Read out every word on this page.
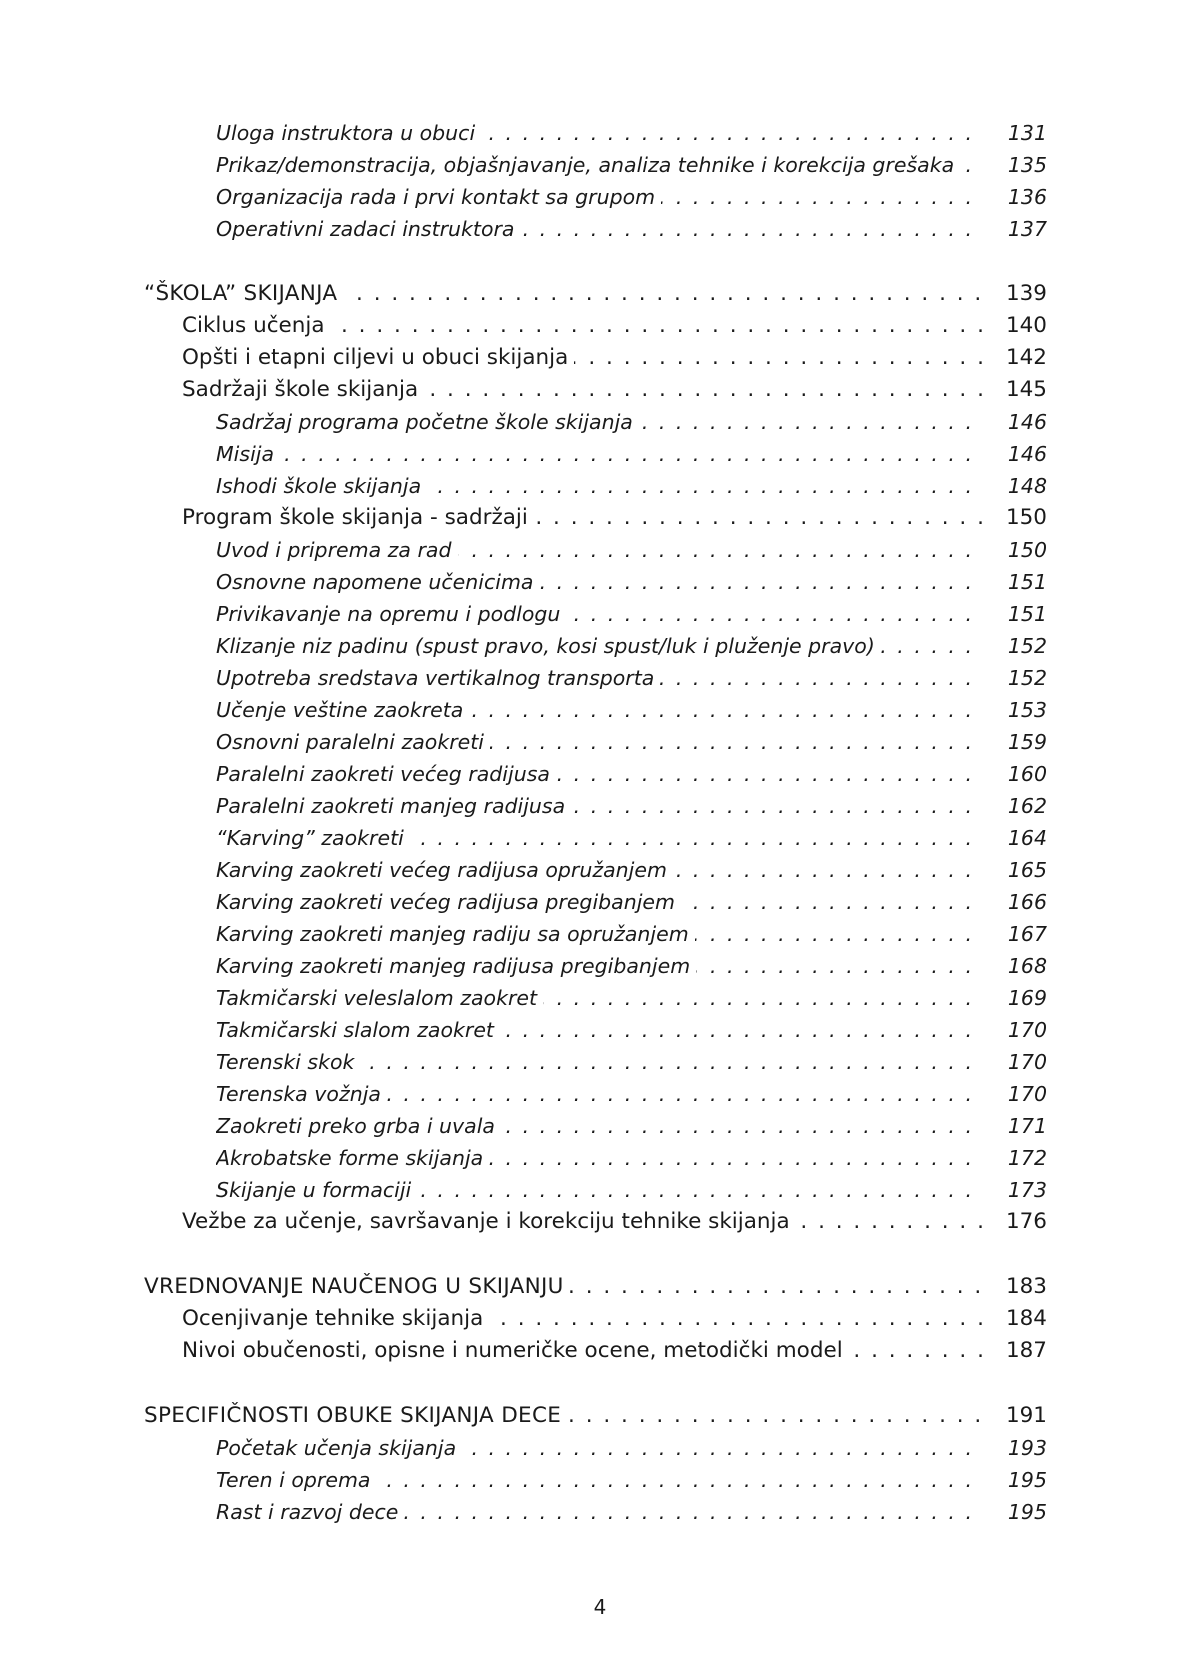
Uloga instruktora u obuci . . .	131
Prikaz/demonstracija, objašnjavanje, analiza tehnike i korekcija grešaka . . .	135
Organizacija rada i prvi kontakt sa grupom . . .	136
Operativni zadaci instruktora . . .	137
“ŠKOLA” SKIJANJA . . .	139
Ciklus učenja . . .	140
Opšti i etapni ciljevi u obuci skijanja . . .	142
Sadržaji škole skijanja . . .	145
Sadržaj programa početne škole skijanja . . .	146
Misija . . .	146
Ishodi škole skijanja . . .	148
Program škole skijanja - sadržaji . . .	150
Uvod i priprema za rad . . .	150
Osnovne napomene učenicima . . .	151
Privikavanje na opremu i podlogu . . .	151
Klizanje niz padinu (spust pravo, kosi spust/luk i pluženje pravo) . . .	152
Upotreba sredstava vertikalnog transporta . . .	152
Učenje veštine zaokreta . . .	153
Osnovni paralelni zaokreti . . .	159
Paralelni zaokreti većeg radijusa . . .	160
Paralelni zaokreti manjeg radijusa . . .	162
“Karving” zaokreti . . .	164
Karving zaokreti većeg radijusa opružanjem . . .	165
Karving zaokreti većeg radijusa pregibanjem . . .	166
Karving zaokreti manjeg radiju sa opružanjem . . .	167
Karving zaokreti manjeg radijusa pregibanjem . . .	168
Takmičarski veleslalom zaokret . . .	169
Takmičarski slalom zaokret . . .	170
Terenski skok . . .	170
Terenska vožnja . . .	170
Zaokreti preko grba i uvala . . .	171
Akrobatske forme skijanja . . .	172
Skijanje u formaciji . . .	173
Vežbe za učenje, savršavanje i korekciju tehnike skijanja . . .	176
VREDNOVANJE NAUČENOG U SKIJANJU . . .	183
Ocenjivanje tehnike skijanja . . .	184
Nivoi obučenosti, opisne i numeričke ocene, metodički model . . .	187
SPECIFIČNOSTI OBUKE SKIJANJA DECE . . .	191
Početak učenja skijanja . . .	193
Teren i oprema . . .	195
Rast i razvoj dece . . .	195
4
